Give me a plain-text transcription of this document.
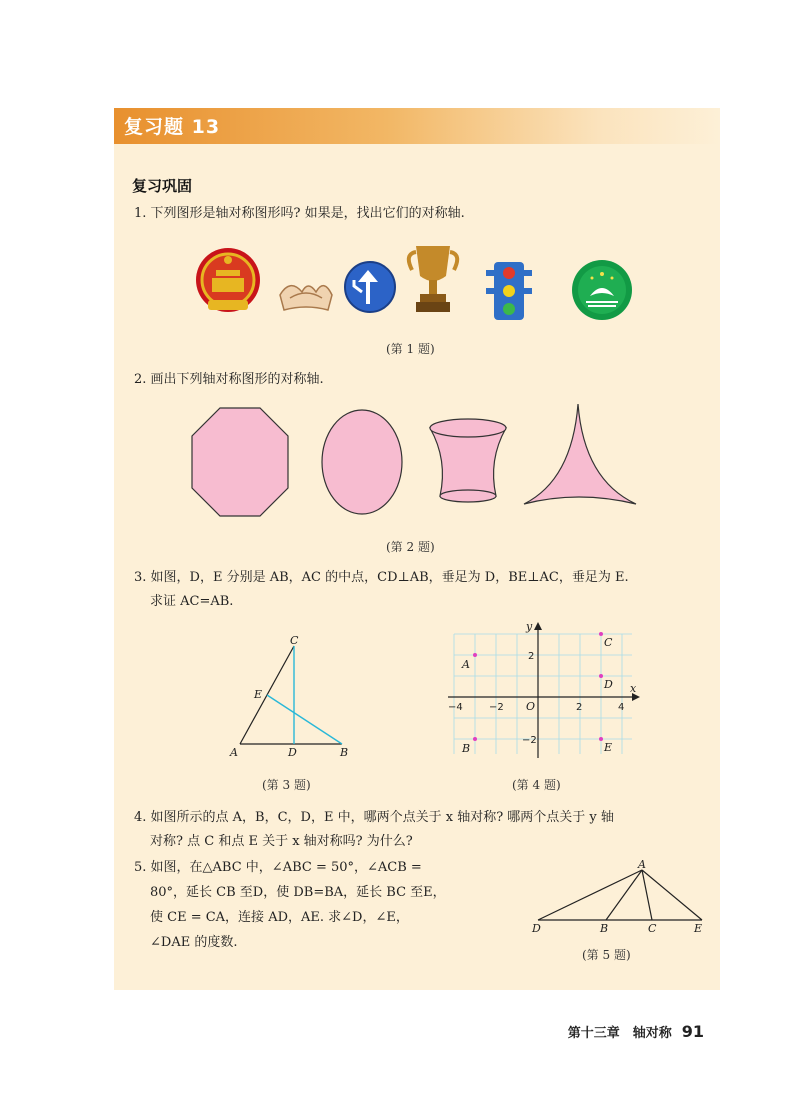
复习题 13
复习巩固
1. 下列图形是轴对称图形吗? 如果是，找出它们的对称轴.
(第 1 题)
2. 画出下列轴对称图形的对称轴.
(第 2 题)
3. 如图，D，E 分别是 AB，AC 的中点，CD⊥AB，垂足为 D，BE⊥AC，垂足为 E.
求证 AC=AB.
C
E
A	D	B
(第 3 题)
x
y
O
−4	−2	2	4
2
−2
A
B
C
D
E
(第 4 题)
4. 如图所示的点 A，B，C，D，E 中，哪两个点关于 x 轴对称? 哪两个点关于 y 轴
对称? 点 C 和点 E 关于 x 轴对称吗? 为什么?
5. 如图，在△ABC 中，∠ABC = 50°，∠ACB =
80°，延长 CB 至D，使 DB=BA，延长 BC 至E，
使 CE = CA，连接 AD，AE. 求∠D，∠E，
∠DAE 的度数.
A
D	B	C	E
(第 5 题)
第十三章　轴对称 91
